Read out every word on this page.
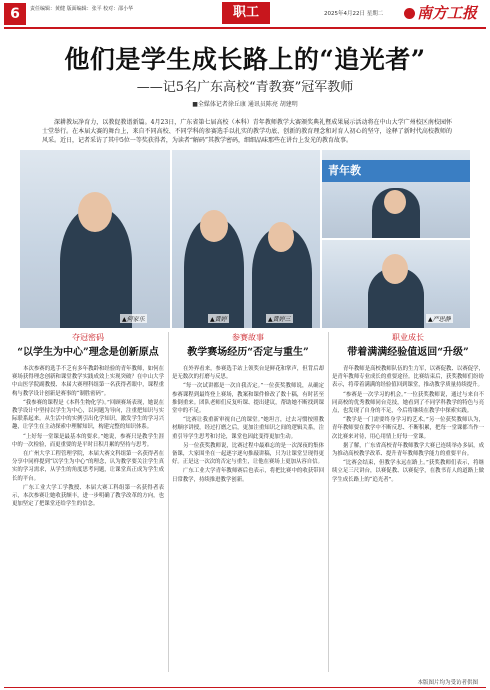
6	责任编辑：黄健 版面编辑：张平 校对：邵小华	职工	2025年4月22日 星期二	南方工报
他们是学生成长路上的“追光者”
——记5名广东高校“青教赛”冠军教师
■全媒体记者徐丘康 通讯员陈亮 胡建明
深耕教坛净育力，以教促教谱新篇。4月23日，广东省第七届高校（本科）青年教师教学大赛颁奖典礼暨成果展示活动将在中山大学广州校区南校园怀士堂举行。在本届大赛的舞台上，来自不同高校、不同学科的参赛选手以扎实的教学功底、创新的教育理念和对育人初心的坚守，诠释了新时代高校教师的风采。近日，记者采访了其中5位一等奖获得者，为读者“解码”其教学密码，细细品味那些在讲台上发光的教育故事。
▲何家乐	▲黄婷	▲黄婷三
青年教
▲严思静
夺冠密码
“以学生为中心”理念是创新原点

本次参赛的选手不乏有多年教龄和经验的青年教师，如何在赛场获得理念创新和课堂教学实践成效上实现突破？在中山大学中山医学院副教授、本届大赛理科组第一名获得者眼中，课程重构与教学设计创新是赛事的“制胜密码”。

“我参赛的课程是《本科生物化学》。”回顾赛场表现，她说在教学设计中坚持以学生为中心，以问题为导向，注重把知识与实际联系起来。从生活中的实例引出化学知识，激发学生的学习兴趣，让学生在主动探索中理解知识，构建完整的知识体系。

“上好每一堂课是最基本的要求。”她说，参赛只是教学生涯中的一次检验，而更重要的是平时日积月累的坚持与思考。

在广州大学工程管理学院，本届大赛文科组第一名获得者在分享中同样提到“以学生为中心”的理念，认为教学要关注学生真实的学习需求，从学生的角度思考问题，让课堂真正成为学生成长的平台。

广东工业大学工学教授、本届大赛工科组第一名获得者表示，本次参赛让她收获颇丰，进一步明确了教学改革的方向，也更加坚定了把课堂还给学生的信念。

参赛故事
教学赛场经历“否定与重生”

在外界看来，参赛选手站上领奖台是鲜花和掌声，但背后却是无数次的打磨与反思。

“每一次试讲都是一次自我否定。”一位获奖教师说，从确定参赛课程到最终登上赛场，教案和课件修改了数十稿，有时甚至推倒重来。团队老师们反复听课、提出建议，帮助她不断找到课堂中的不足。

“比赛让我重新审视自己的课堂。”她坦言，过去习惯按照教材顺序讲授，经过打磨之后，更加注重知识之间的逻辑关系，注重引导学生思考和讨论，课堂也因此变得更加生动。

另一位获奖教师说，比赛过程中最难忘的是一次深夜的集体备课，大家围坐在一起逐字逐句推敲讲稿，只为让课堂呈现得更好。正是这一次次的否定与重生，让他在赛场上更加从容自信。

广东工业大学青年教师赛后也表示，将把比赛中的收获带回日常教学，持续推进教学创新。

职业成长
带着满满经验值返回“升级”

青年教师是高校教师队伍的生力军，以赛促教、以赛促学，是青年教师专业成长的重要途径。比赛结束后，获奖教师们纷纷表示，将带着满满的经验值回到课堂，推动教学质量持续提升。

“参赛是一次学习的机会。”一位获奖教师说，通过与来自不同高校的优秀教师同台竞技，她看到了不同学科教学的特色与亮点，也发现了自身的不足，今后将继续在教学中探索实践。

“教学是一门需要终身学习的艺术。”另一位获奖教师认为，青年教师要在教学中不断反思、不断积累，把每一堂课都当作一次比赛来对待，用心用情上好每一堂课。

据了解，广东省高校青年教师教学大赛已连续举办多届，成为推动高校教学改革、提升青年教师教学能力的重要平台。

“比赛会结束，但教学永远在路上。”获奖教师们表示，将继续立足三尺讲台，以赛促教、以赛促学，在教书育人的道路上做学生成长路上的“追光者”。

本版图片均为受访者供图
